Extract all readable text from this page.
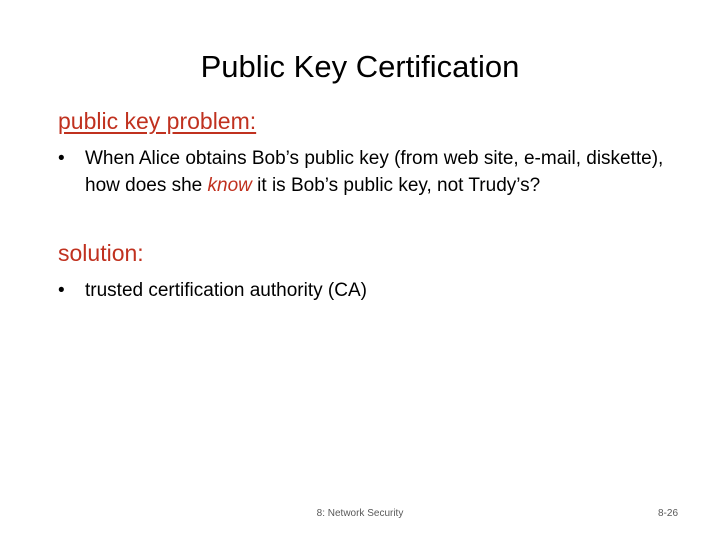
Public Key Certification
public key problem:
• When Alice obtains Bob’s public key (from web site, e-mail, diskette), how does she know it is Bob’s public key, not Trudy’s?
solution:
• trusted certification authority (CA)
8: Network Security	8-26
